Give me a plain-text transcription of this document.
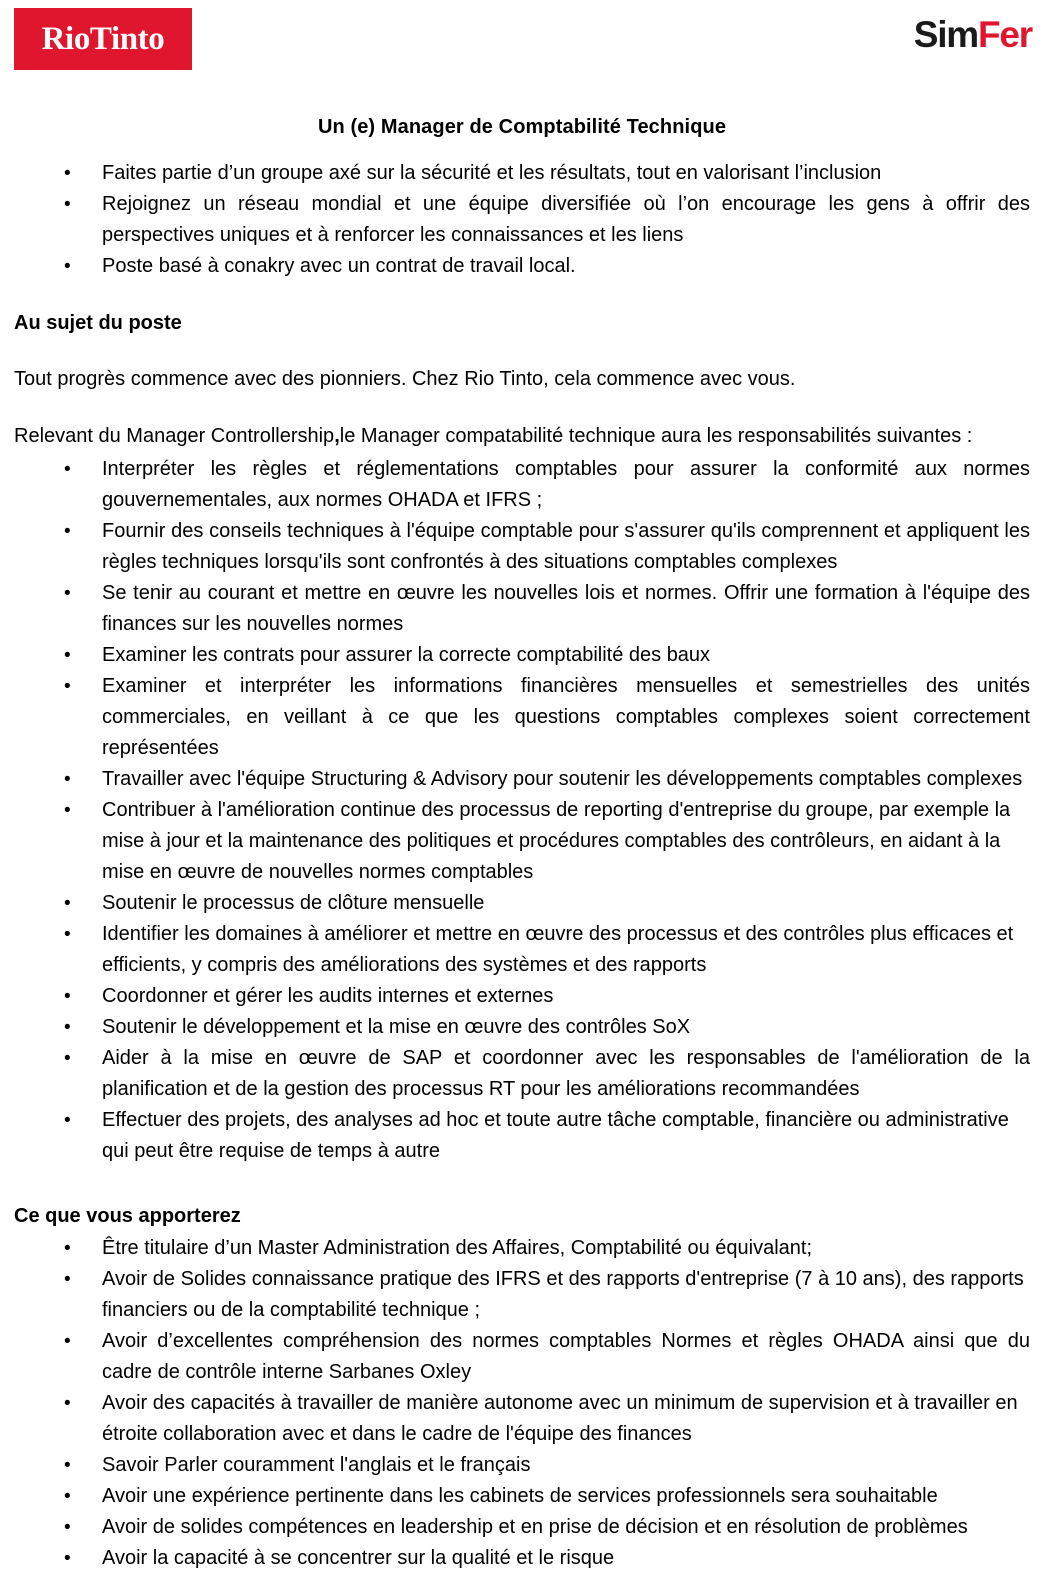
RioTinto	SimFer
Un (e) Manager de Comptabilité Technique
• Faites partie d’un groupe axé sur la sécurité et les résultats, tout en valorisant l’inclusion
• Rejoignez un réseau mondial et une équipe diversifiée où l’on encourage les gens à offrir des perspectives uniques et à renforcer les connaissances et les liens
• Poste basé à conakry avec un contrat de travail local.
Au sujet du poste

Tout progrès commence avec des pionniers. Chez Rio Tinto, cela commence avec vous.

Relevant du Manager Controllership,le Manager compatabilité technique aura les responsabilités suivantes :

• Interpréter les règles et réglementations comptables pour assurer la conformité aux normes gouvernementales, aux normes OHADA et IFRS ;
• Fournir des conseils techniques à l'équipe comptable pour s'assurer qu'ils comprennent et appliquent les règles techniques lorsqu'ils sont confrontés à des situations comptables complexes
• Se tenir au courant et mettre en œuvre les nouvelles lois et normes. Offrir une formation à l'équipe des finances sur les nouvelles normes
• Examiner les contrats pour assurer la correcte comptabilité des baux
• Examiner et interpréter les informations financières mensuelles et semestrielles des unités commerciales, en veillant à ce que les questions comptables complexes soient correctement représentées
• Travailler avec l'équipe Structuring & Advisory pour soutenir les développements comptables complexes
• Contribuer à l'amélioration continue des processus de reporting d'entreprise du groupe, par exemple la mise à jour et la maintenance des politiques et procédures comptables des contrôleurs, en aidant à la mise en œuvre de nouvelles normes comptables
• Soutenir le processus de clôture mensuelle
• Identifier les domaines à améliorer et mettre en œuvre des processus et des contrôles plus efficaces et efficients, y compris des améliorations des systèmes et des rapports
• Coordonner et gérer les audits internes et externes
• Soutenir le développement et la mise en œuvre des contrôles SoX
• Aider à la mise en œuvre de SAP et coordonner avec les responsables de l'amélioration de la planification et de la gestion des processus RT pour les améliorations recommandées
• Effectuer des projets, des analyses ad hoc et toute autre tâche comptable, financière ou administrative qui peut être requise de temps à autre
Ce que vous apporterez
• Être titulaire d’un Master Administration des Affaires, Comptabilité ou équivalant;
• Avoir de Solides connaissance pratique des IFRS et des rapports d'entreprise (7 à 10 ans), des rapports financiers ou de la comptabilité technique ;
• Avoir d’excellentes compréhension des normes comptables Normes et règles OHADA ainsi que du cadre de contrôle interne Sarbanes Oxley
• Avoir des capacités à travailler de manière autonome avec un minimum de supervision et à travailler en étroite collaboration avec et dans le cadre de l'équipe des finances
• Savoir Parler couramment l'anglais et le français
• Avoir une expérience pertinente dans les cabinets de services professionnels sera souhaitable
• Avoir de solides compétences en leadership et en prise de décision et en résolution de problèmes
• Avoir la capacité à se concentrer sur la qualité et le risque
